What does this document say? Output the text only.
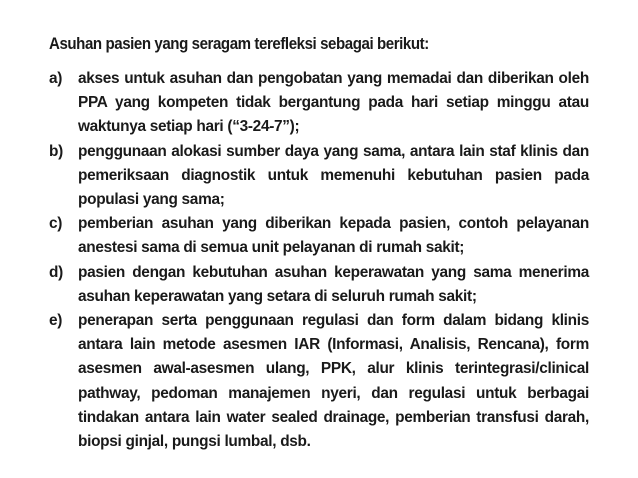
Asuhan pasien yang seragam terefleksi sebagai berikut:

a)	akses untuk asuhan dan pengobatan yang memadai dan diberikan oleh PPA yang kompeten tidak bergantung pada hari setiap minggu atau waktunya setiap hari (“3-24-7”);
b) penggunaan alokasi sumber daya yang sama, antara lain staf klinis dan pemeriksaan diagnostik untuk memenuhi kebutuhan pasien pada populasi yang sama;
c)	pemberian asuhan yang diberikan kepada pasien, contoh pelayanan anestesi sama di semua unit pelayanan di rumah sakit;
d) pasien dengan kebutuhan asuhan keperawatan yang sama menerima asuhan keperawatan yang setara di seluruh rumah sakit;
e)	penerapan serta penggunaan regulasi dan form dalam bidang klinis antara lain metode asesmen IAR (Informasi, Analisis, Rencana), form asesmen awal-asesmen ulang, PPK, alur klinis terintegrasi/clinical pathway, pedoman manajemen nyeri, dan regulasi untuk berbagai tindakan antara lain water sealed drainage, pemberian transfusi darah, biopsi ginjal, pungsi lumbal, dsb.
